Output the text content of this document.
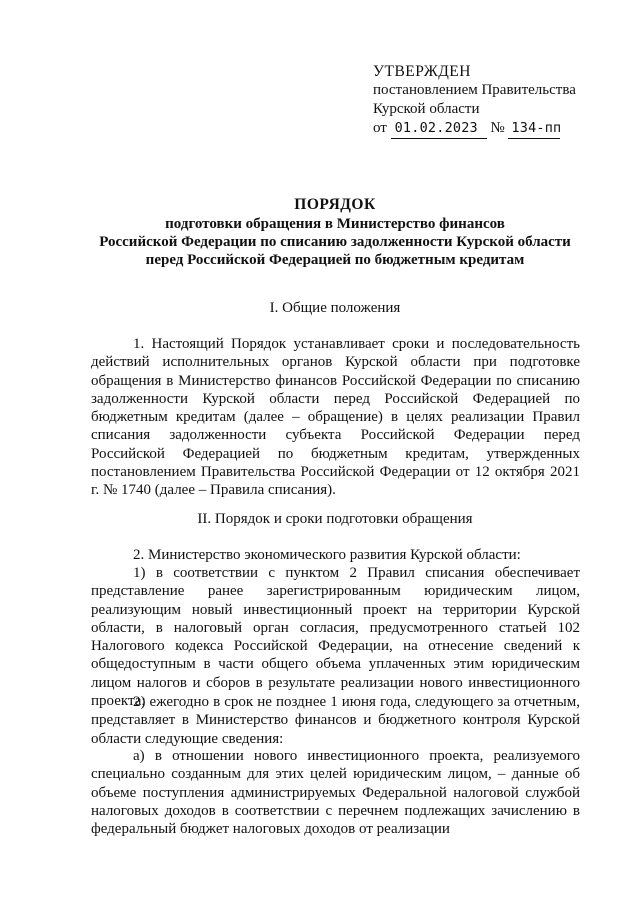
УТВЕРЖДЕН
постановлением Правительства
Курской области
от 01.02.2023 № 134-пп
ПОРЯДОК
подготовки обращения в Министерство финансов
Российской Федерации по списанию задолженности Курской области
перед Российской Федерацией по бюджетным кредитам
I. Общие положения

1. Настоящий Порядок устанавливает сроки и последовательность действий исполнительных органов Курской области при подготовке обращения в Министерство финансов Российской Федерации по списанию задолженности Курской области перед Российской Федерацией по бюджетным кредитам (далее – обращение) в целях реализации Правил списания задолженности субъекта Российской Федерации перед Российской Федерацией по бюджетным кредитам, утвержденных постановлением Правительства Российской Федерации от 12 октября 2021 г. № 1740 (далее – Правила списания).

II. Порядок и сроки подготовки обращения

2. Министерство экономического развития Курской области:

1) в соответствии с пунктом 2 Правил списания обеспечивает представление ранее зарегистрированным юридическим лицом, реализующим новый инвестиционный проект на территории Курской области, в налоговый орган согласия, предусмотренного статьей 102 Налогового кодекса Российской Федерации, на отнесение сведений к общедоступным в части общего объема уплаченных этим юридическим лицом налогов и сборов в результате реализации нового инвестиционного проекта;

2) ежегодно в срок не позднее 1 июня года, следующего за отчетным, представляет в Министерство финансов и бюджетного контроля Курской области следующие сведения:

а) в отношении нового инвестиционного проекта, реализуемого специально созданным для этих целей юридическим лицом, – данные об объеме поступления администрируемых Федеральной налоговой службой налоговых доходов в соответствии с перечнем подлежащих зачислению в федеральный бюджет налоговых доходов от реализации
